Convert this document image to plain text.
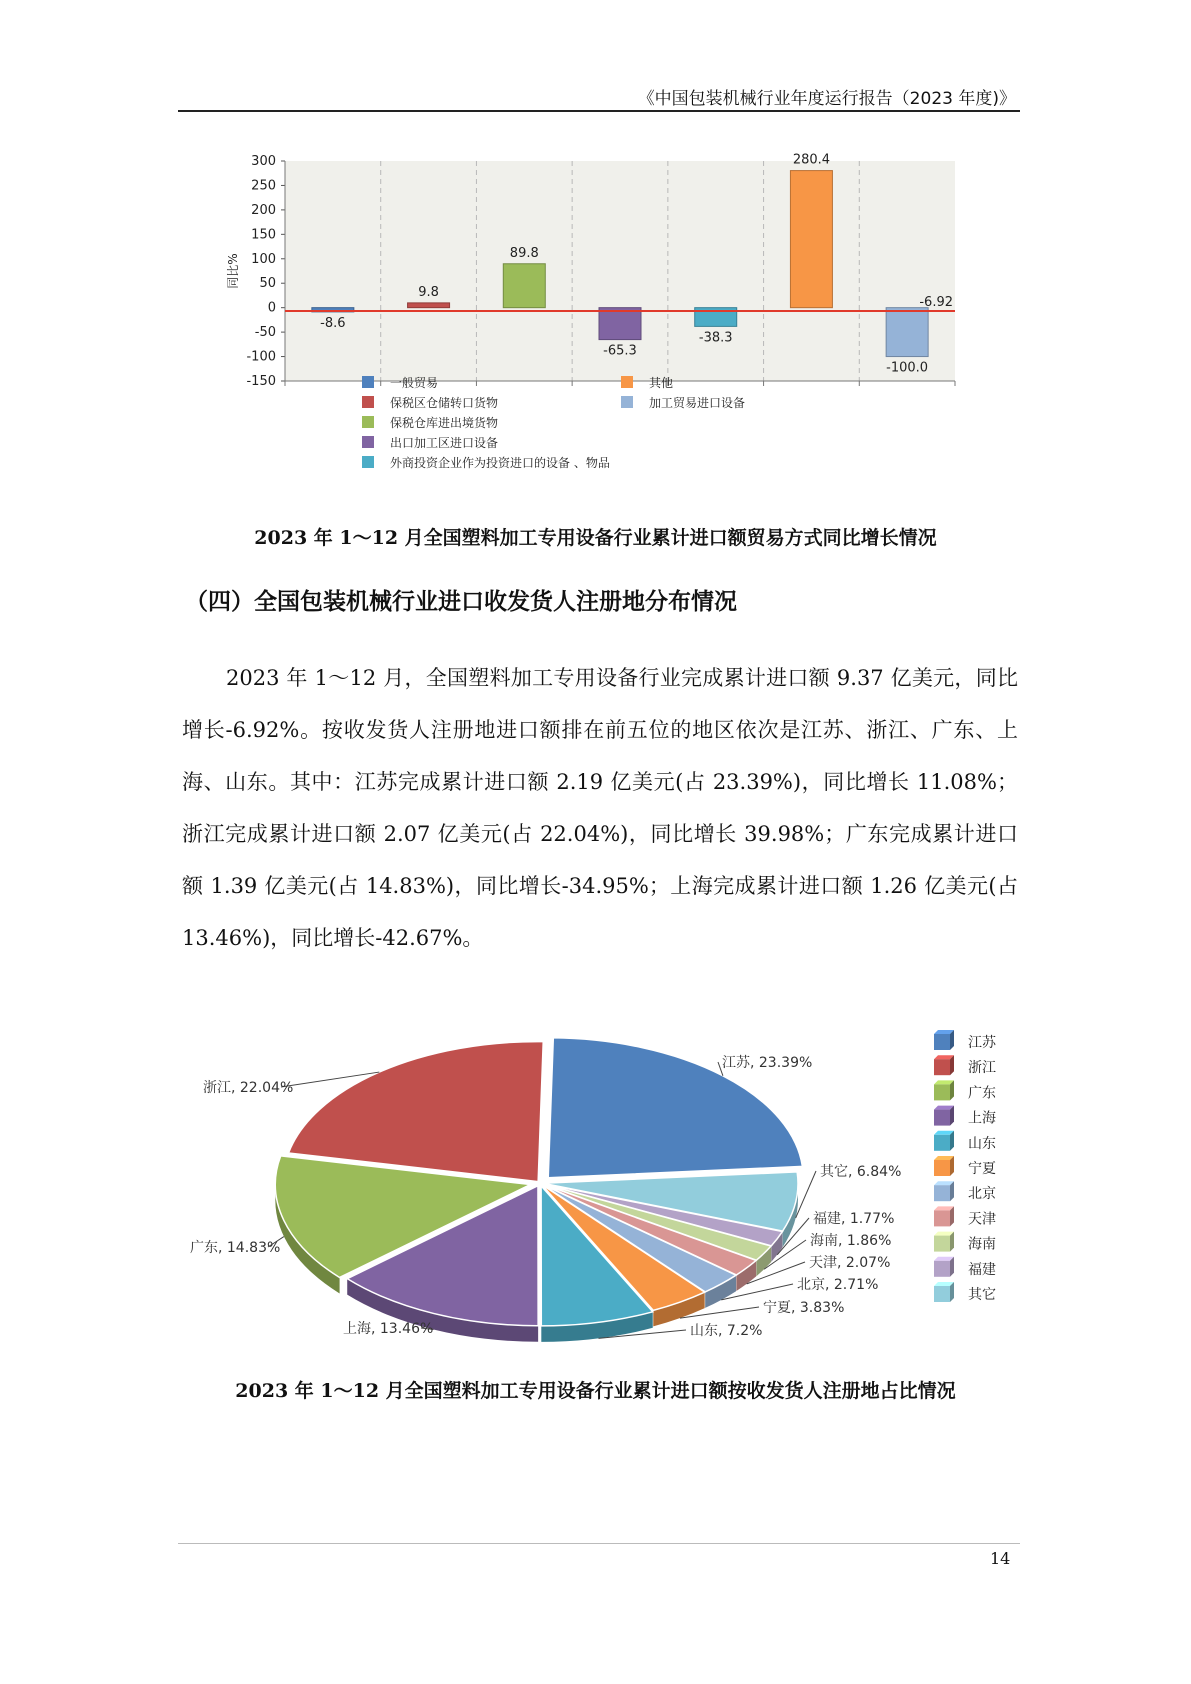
《中国包装机械行业年度运行报告（2023 年度)》
-150
-100
-50
0
50
100
150
200
250
300
同比%
-8.6
9.8
89.8
-65.3
-38.3
280.4
-100.0
-6.92
一般贸易
保税区仓储转口货物
保税仓库进出境货物
出口加工区进口设备
外商投资企业作为投资进口的设备 、物品
其他
加工贸易进口设备
2023 年 1～12 月全国塑料加工专用设备行业累计进口额贸易方式同比增长情况
（四）全国包装机械行业进口收发货人注册地分布情况
2023 年 1～12 月，全国塑料加工专用设备行业完成累计进口额 9.37 亿美元，同比增长-6.92%。按收发货人注册地进口额排在前五位的地区依次是江苏、浙江、广东、上海、山东。其中：江苏完成累计进口额 2.19 亿美元(占 23.39%)，同比增长 11.08%；浙江完成累计进口额 2.07 亿美元(占 22.04%)，同比增长 39.98%；广东完成累计进口额 1.39 亿美元(占 14.83%)，同比增长-34.95%；上海完成累计进口额 1.26 亿美元(占 13.46%)，同比增长-42.67%。
江苏, 23.39%
其它, 6.84%
福建, 1.77%
海南, 1.86%
天津, 2.07%
北京, 2.71%
宁夏, 3.83%
山东, 7.2%
上海, 13.46%
广东, 14.83%
浙江, 22.04%
江苏
浙江
广东
上海
山东
宁夏
北京
天津
海南
福建
其它
2023 年 1～12 月全国塑料加工专用设备行业累计进口额按收发货人注册地占比情况
14
